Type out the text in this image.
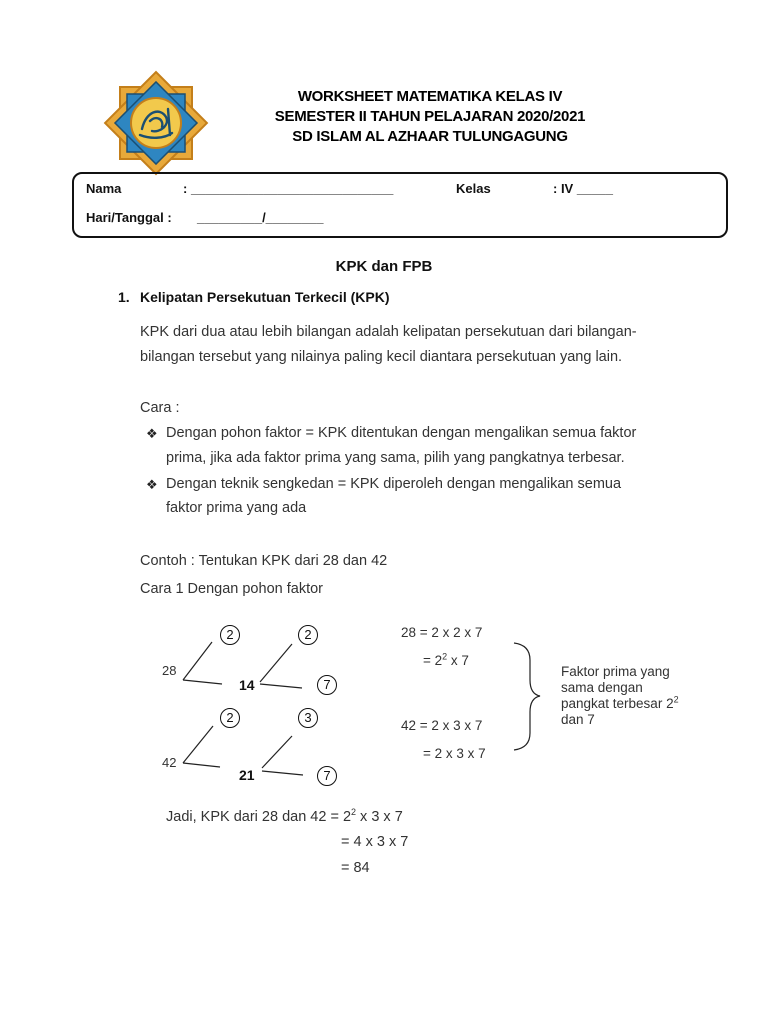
WORKSHEET MATEMATIKA KELAS IV
SEMESTER II TAHUN PELAJARAN 2020/2021
SD ISLAM AL AZHAAR TULUNGAGUNG
Nama	: ____________________________	Kelas	: IV _____
Hari/Tanggal : _________/________
KPK dan FPB
1. Kelipatan Persekutuan Terkecil (KPK)
KPK dari dua atau lebih bilangan adalah kelipatan persekutuan dari bilangan-
bilangan tersebut yang nilainya paling kecil diantara persekutuan yang lain.
Cara :
❖ Dengan pohon faktor = KPK ditentukan dengan mengalikan semua faktor
prima, jika ada faktor prima yang sama, pilih yang pangkatnya terbesar.
❖ Dengan teknik sengkedan = KPK diperoleh dengan mengalikan semua
faktor prima yang ada
Contoh : Tentukan KPK dari 28 dan 42
Cara 1 Dengan pohon faktor
28
2
14
2
7
42
2
21
3
7
28 = 2 x 2 x 7
= $2^2$ x 7
42 = 2 x 3 x 7
= 2 x 3 x 7
Faktor prima yang
sama dengan
pangkat terbesar $2^2$
dan 7
Jadi, KPK dari 28 dan $42 = 2^2$ x 3 x 7
= 4 x 3 x 7
= 84
